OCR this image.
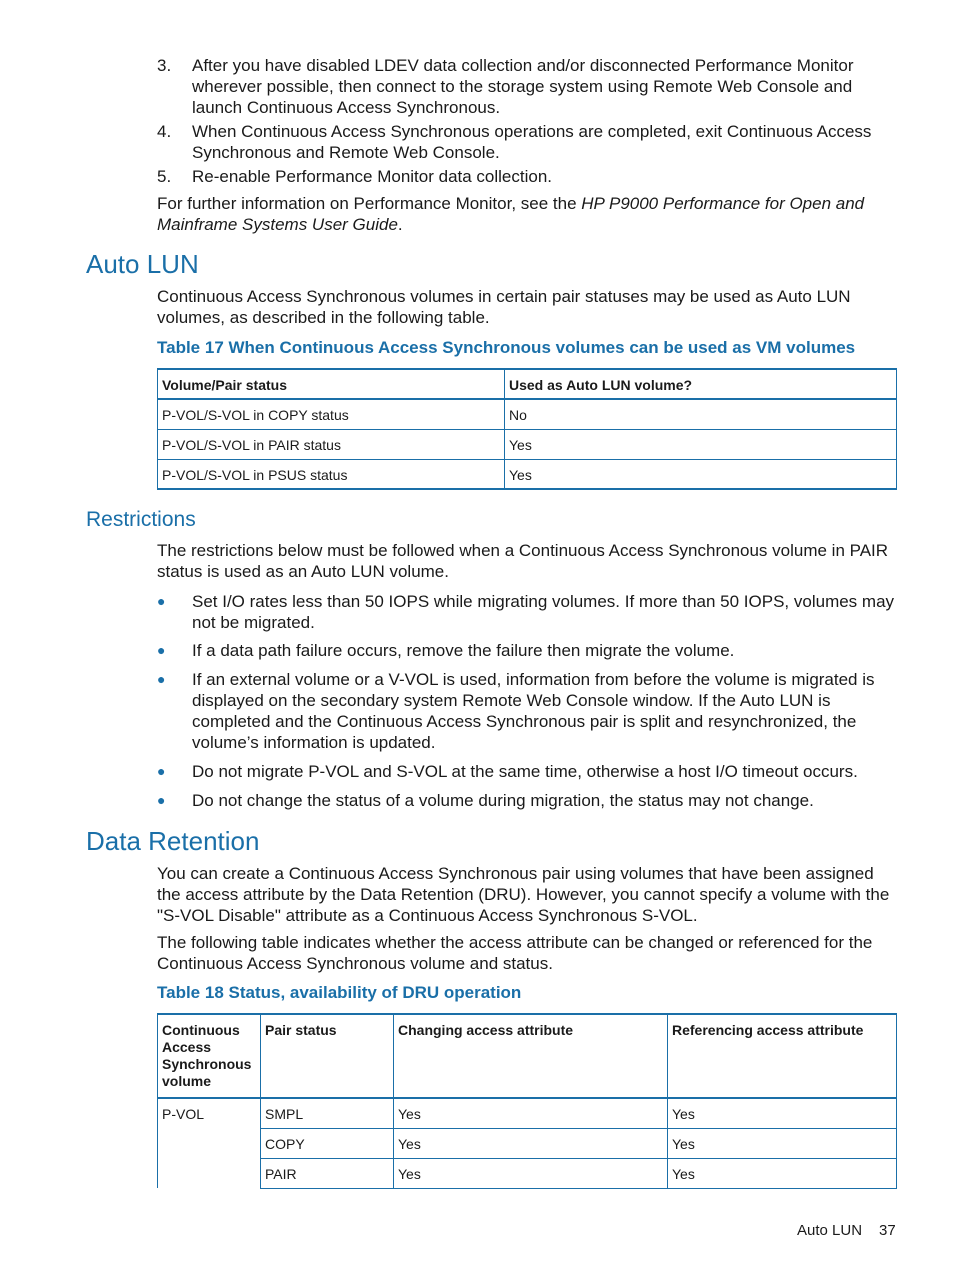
3.	After you have disabled LDEV data collection and/or disconnected Performance Monitor wherever possible, then connect to the storage system using Remote Web Console and launch Continuous Access Synchronous.
4.	When Continuous Access Synchronous operations are completed, exit Continuous Access Synchronous and Remote Web Console.
5.	Re-enable Performance Monitor data collection.
For further information on Performance Monitor, see the HP P9000 Performance for Open and Mainframe Systems User Guide.
Auto LUN
Continuous Access Synchronous volumes in certain pair statuses may be used as Auto LUN volumes, as described in the following table.
Table 17 When Continuous Access Synchronous volumes can be used as VM volumes
Volume/Pair status	Used as Auto LUN volume?
P-VOL/S-VOL in COPY status	No
P-VOL/S-VOL in PAIR status	Yes
P-VOL/S-VOL in PSUS status	Yes
Restrictions
The restrictions below must be followed when a Continuous Access Synchronous volume in PAIR status is used as an Auto LUN volume.
● Set I/O rates less than 50 IOPS while migrating volumes. If more than 50 IOPS, volumes may not be migrated.
● If a data path failure occurs, remove the failure then migrate the volume.
● If an external volume or a V-VOL is used, information from before the volume is migrated is displayed on the secondary system Remote Web Console window. If the Auto LUN is completed and the Continuous Access Synchronous pair is split and resynchronized, the volume’s information is updated.
● Do not migrate P-VOL and S-VOL at the same time, otherwise a host I/O timeout occurs.
● Do not change the status of a volume during migration, the status may not change.
Data Retention
You can create a Continuous Access Synchronous pair using volumes that have been assigned the access attribute by the Data Retention (DRU). However, you cannot specify a volume with the "S-VOL Disable" attribute as a Continuous Access Synchronous S-VOL.
The following table indicates whether the access attribute can be changed or referenced for the Continuous Access Synchronous volume and status.
Table 18 Status, availability of DRU operation
Continuous Access Synchronous volume	Pair status	Changing access attribute	Referencing access attribute
P-VOL	SMPL	Yes	Yes
	COPY	Yes	Yes
	PAIR	Yes	Yes
Auto LUN 37
